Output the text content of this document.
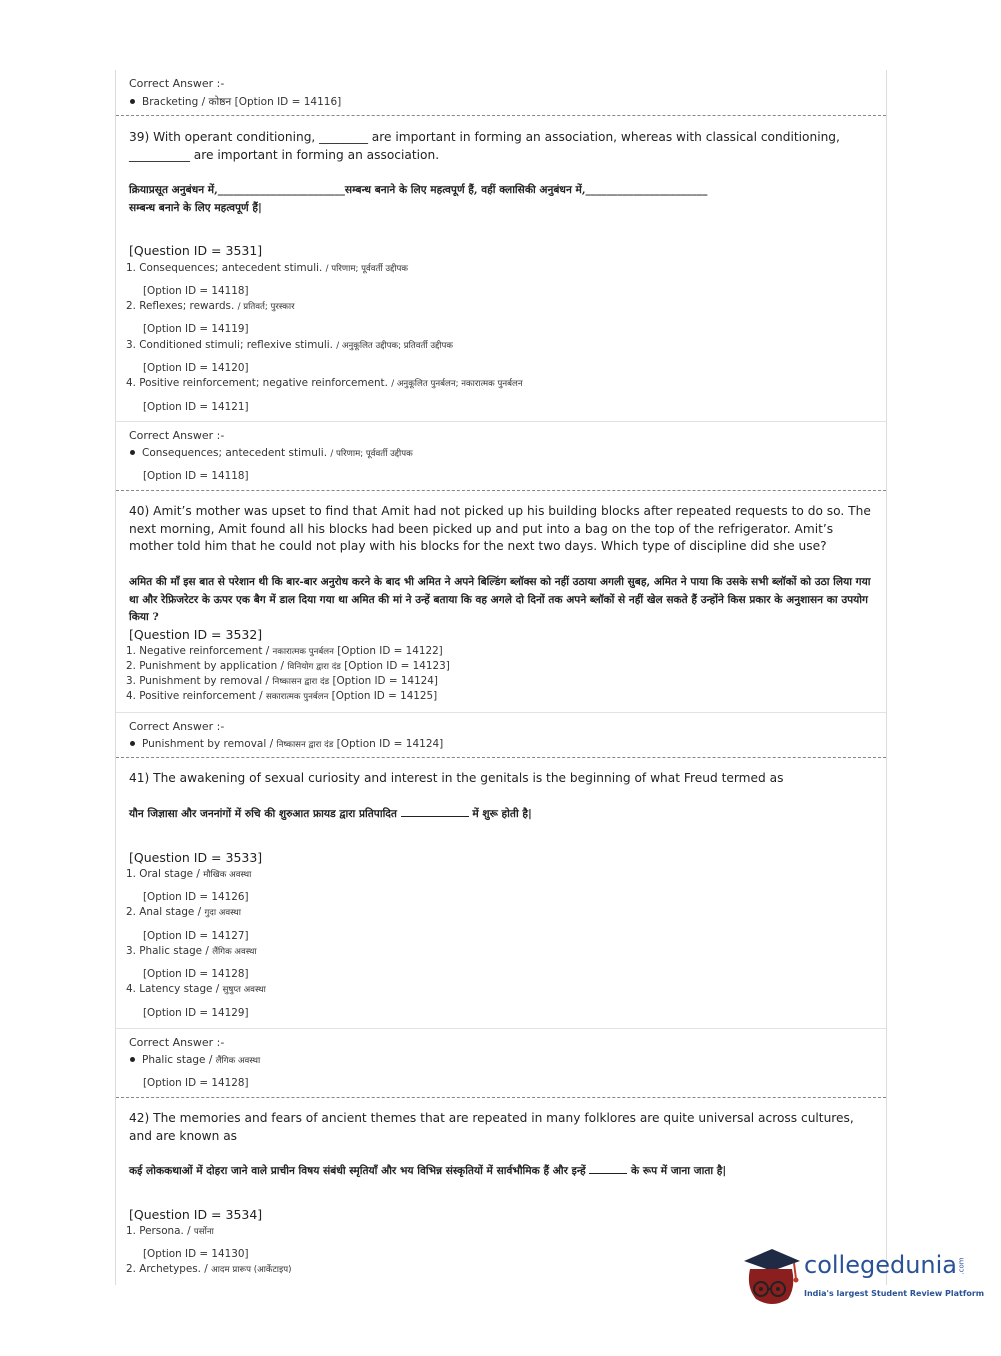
Correct Answer :-
Bracketing / कोष्ठन [Option ID = 14116]
39) With operant conditioning, ________ are important in forming an association, whereas with classical conditioning, __________ are important in forming an association.
क्रियाप्रसूत अनुबंधन में,________________________सम्बन्ध बनाने के लिए महत्वपूर्ण हैं, वहीं क्लासिकी अनुबंधन में,_______________________
सम्बन्ध बनाने के लिए महत्वपूर्ण हैं|
[Question ID = 3531]
1. Consequences; antecedent stimuli. / परिणाम; पूर्ववर्ती उद्दीपक
[Option ID = 14118]
2. Reflexes; rewards. / प्रतिवर्त; पुरस्कार
[Option ID = 14119]
3. Conditioned stimuli; reflexive stimuli. / अनुकूलित उद्दीपक; प्रतिवर्ती उद्दीपक
[Option ID = 14120]
4. Positive reinforcement; negative reinforcement. / अनुकूलित पुनर्बलन; नकारात्मक पुनर्बलन
[Option ID = 14121]
Correct Answer :-
Consequences; antecedent stimuli. / परिणाम; पूर्ववर्ती उद्दीपक
[Option ID = 14118]
40) Amit’s mother was upset to find that Amit had not picked up his building blocks after repeated requests to do so. The next morning, Amit found all his blocks had been picked up and put into a bag on the top of the refrigerator. Amit’s mother told him that he could not play with his blocks for the next two days. Which type of discipline did she use?
अमित की माँ इस बात से परेशान थी कि बार-बार अनुरोध करने के बाद भी अमित ने अपने बिल्डिंग ब्लॉक्स को नहीं उठाया अगली सुबह, अमित ने पाया कि उसके सभी ब्लॉकों को उठा लिया गया था और रेफ्रिजरेटर के ऊपर एक बैग में डाल दिया गया था अमित की मां ने उन्हें बताया कि वह अगले दो दिनों तक अपने ब्लॉकों से नहीं खेल सकते हैं उन्होंने किस प्रकार के अनुशासन का उपयोग किया ?
[Question ID = 3532]
1. Negative reinforcement / नकारात्मक पुनर्बलन [Option ID = 14122]
2. Punishment by application / विनियोग द्वारा दंड [Option ID = 14123]
3. Punishment by removal / निष्कासन द्वारा दंड [Option ID = 14124]
4. Positive reinforcement / सकारात्मक पुनर्बलन [Option ID = 14125]
Correct Answer :-
Punishment by removal / निष्कासन द्वारा दंड [Option ID = 14124]
41) The awakening of sexual curiosity and interest in the genitals is the beginning of what Freud termed as
यौन जिज्ञासा और जननांगों में रुचि की शुरुआत फ्रायड द्वारा प्रतिपादित	में शुरू होती है|
[Question ID = 3533]
1. Oral stage / मौखिक अवस्था
[Option ID = 14126]
2. Anal stage / गुदा अवस्था
[Option ID = 14127]
3. Phalic stage / लैंगिक अवस्था
[Option ID = 14128]
4. Latency stage / सुषुप्त अवस्था
[Option ID = 14129]
Correct Answer :-
Phalic stage / लैंगिक अवस्था
[Option ID = 14128]
42) The memories and fears of ancient themes that are repeated in many folklores are quite universal across cultures, and are known as
कई लोककथाओं में दोहरा जाने वाले प्राचीन विषय संबंधी स्मृतियाँ और भय विभिन्न संस्कृतियों में सार्वभौमिक हैं और इन्हें	के रूप में जाना जाता है|
[Question ID = 3534]
1. Persona. / पर्सोना
[Option ID = 14130]
2. Archetypes. / आदम प्रारूप (आर्केटाइप)	collegedunia.com
India's largest Student Review Platform
